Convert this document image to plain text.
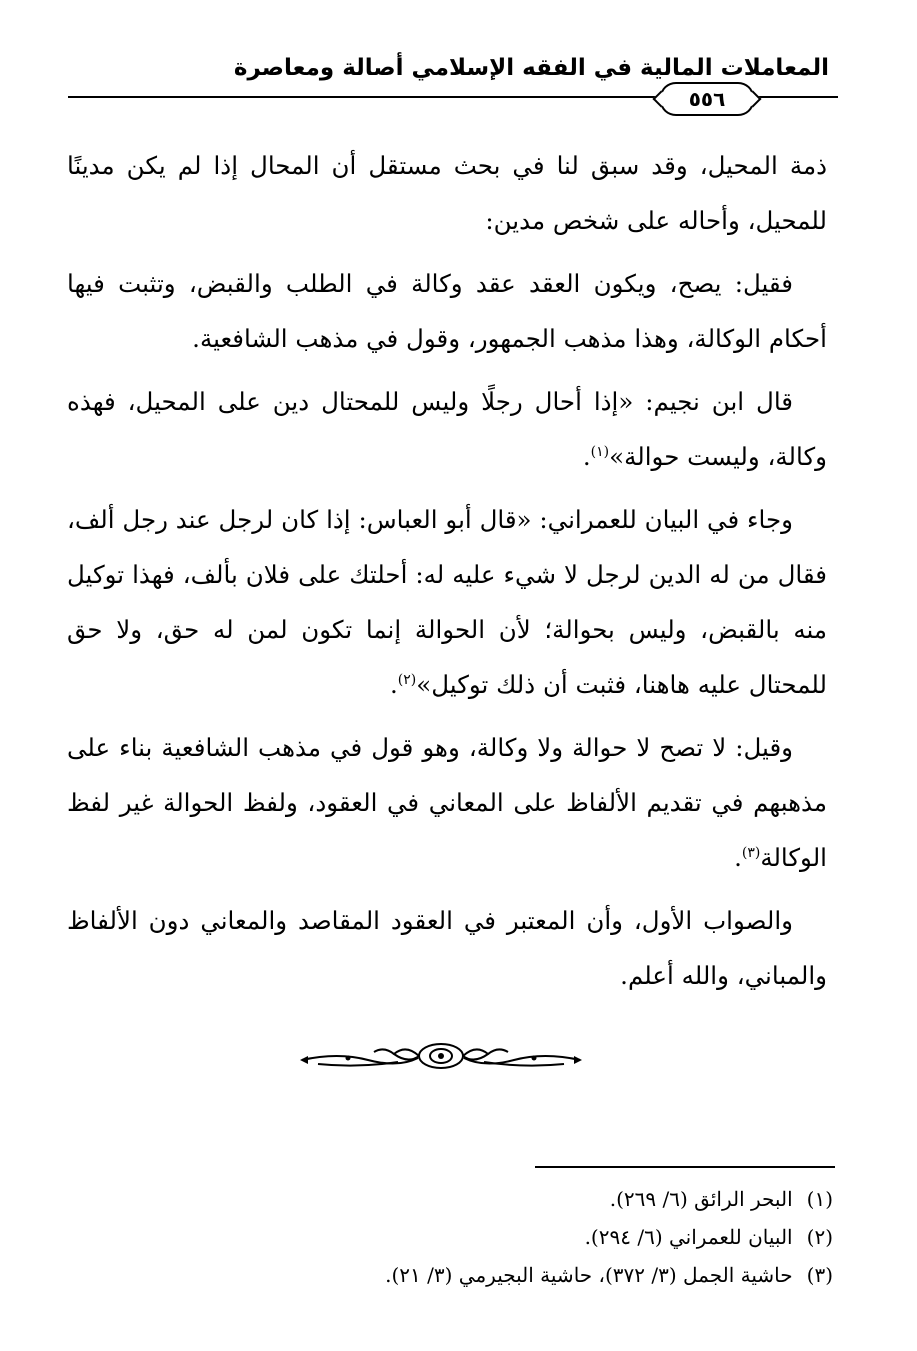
المعاملات المالية في الفقه الإسلامي أصالة ومعاصرة
٥٥٦

ذمة المحيل، وقد سبق لنا في بحث مستقل أن المحال إذا لم يكن مدينًا للمحيل، وأحاله على شخص مدين:

فقيل: يصح، ويكون العقد عقد وكالة في الطلب والقبض، وتثبت فيها أحكام الوكالة، وهذا مذهب الجمهور، وقول في مذهب الشافعية.

قال ابن نجيم: «إذا أحال رجلًا وليس للمحتال دين على المحيل، فهذه وكالة، وليست حوالة»$^{(١)}$.

وجاء في البيان للعمراني: «قال أبو العباس: إذا كان لرجل عند رجل ألف، فقال من له الدين لرجل لا شيء عليه له: أحلتك على فلان بألف، فهذا توكيل منه بالقبض، وليس بحوالة؛ لأن الحوالة إنما تكون لمن له حق، ولا حق للمحتال عليه هاهنا، فثبت أن ذلك توكيل»$^{(٢)}$.

وقيل: لا تصح لا حوالة ولا وكالة، وهو قول في مذهب الشافعية بناء على مذهبهم في تقديم الألفاظ على المعاني في العقود، ولفظ الحوالة غير لفظ الوكالة$^{(٣)}$.

والصواب الأول، وأن المعتبر في العقود المقاصد والمعاني دون الألفاظ والمباني، والله أعلم.

(١)البحر الرائق (٦/ ٢٦٩).
(٢)البيان للعمراني (٦/ ٢٩٤).
(٣)حاشية الجمل (٣/ ٣٧٢)، حاشية البجيرمي (٣/ ٢١).
